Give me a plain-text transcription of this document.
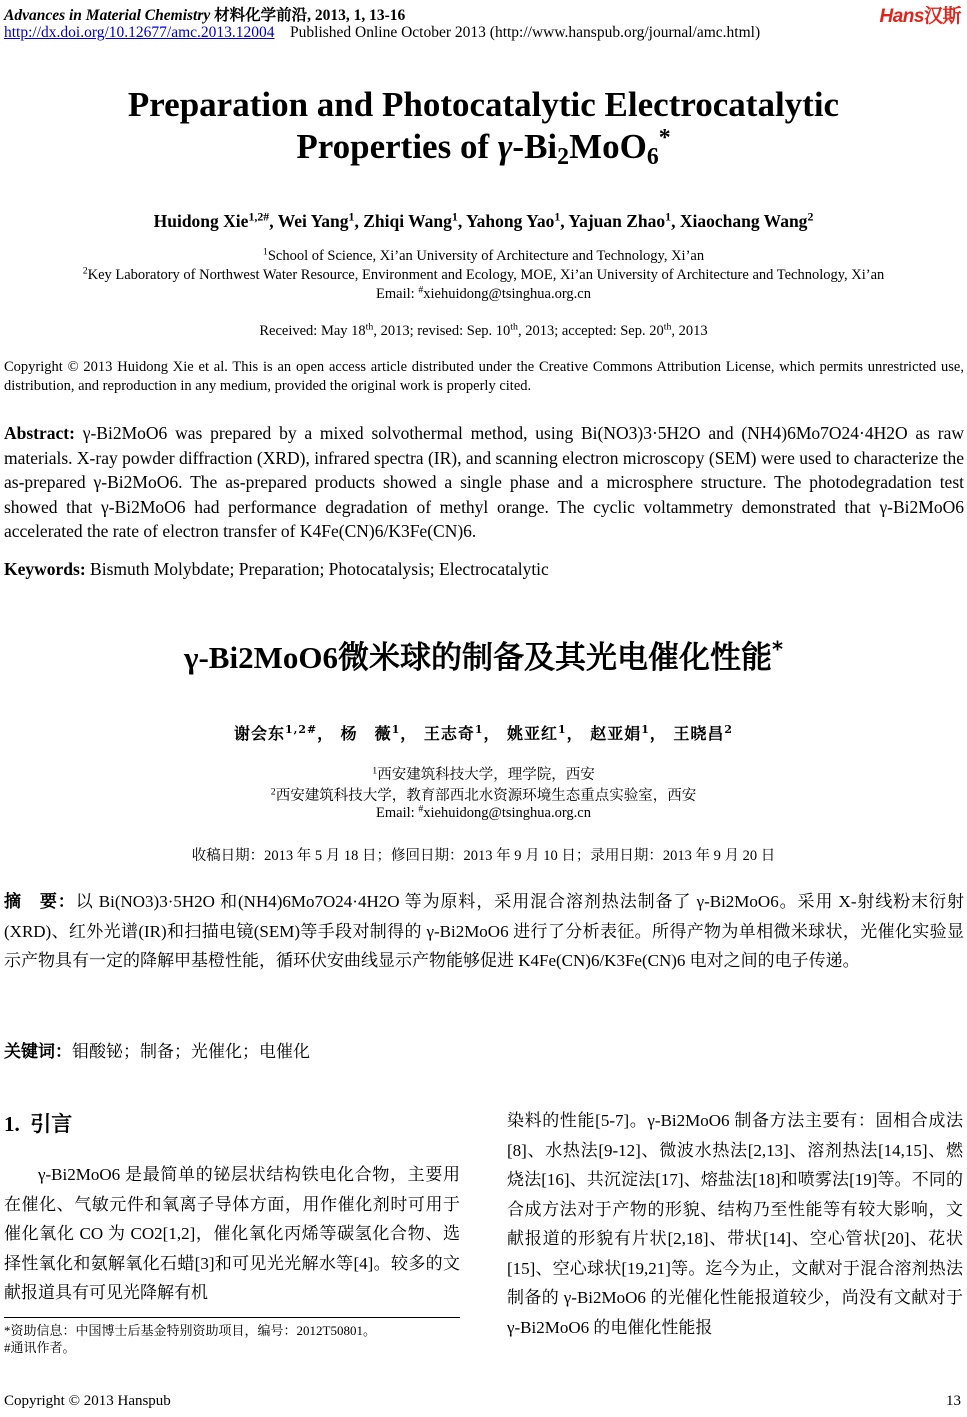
Advances in Material Chemistry 材料化学前沿, 2013, 1, 13-16
http://dx.doi.org/10.12677/amc.2013.12004 Published Online October 2013 (http://www.hanspub.org/journal/amc.html)
Hans汉斯
Preparation and Photocatalytic Electrocatalytic
Properties of $\gamma-Bi_2MoO_6^*$
Huidong Xie$^{1,2\#}$, Wei Yang$^1$, Zhiqi Wang$^1$, Yahong Yao$^1$, Yajuan Zhao$^1$, Xiaochang Wang$^2$
$^1$School of Science, Xi’an University of Architecture and Technology, Xi’an
$^2$Key Laboratory of Northwest Water Resource, Environment and Ecology, MOE, Xi’an University of Architecture and Technology, Xi’an
Email: #xiehuidong@tsinghua.org.cn
Received: May 18th, 2013; revised: Sep. 10th, 2013; accepted: Sep. 20th, 2013
Copyright © 2013 Huidong Xie et al. This is an open access article distributed under the Creative Commons Attribution License, which permits unrestricted use, distribution, and reproduction in any medium, provided the original work is properly cited.
Abstract: γ-Bi2MoO6 was prepared by a mixed solvothermal method, using Bi(NO3)3·5H2O and (NH4)6Mo7O24·4H2O as raw materials. X-ray powder diffraction (XRD), infrared spectra (IR), and scanning electron microscopy (SEM) were used to characterize the as-prepared γ-Bi2MoO6. The as-prepared products showed a single phase and a microsphere structure. The photodegradation test showed that γ-Bi2MoO6 had performance degradation of methyl orange. The cyclic voltammetry demonstrated that γ-Bi2MoO6 accelerated the rate of electron transfer of K4Fe(CN)6/K3Fe(CN)6.
Keywords: Bismuth Molybdate; Preparation; Photocatalysis; Electrocatalytic
γ-Bi2MoO6微米球的制备及其光电催化性能*
谢会东$^{1,2\#}$， 杨　薇$^1$， 王志奇$^1$， 姚亚红$^1$， 赵亚娟$^1$， 王晓昌$^2$
$^1$西安建筑科技大学，理学院，西安
$^2$西安建筑科技大学，教育部西北水资源环境生态重点实验室，西安
Email: #xiehuidong@tsinghua.org.cn
收稿日期：2013 年 5 月 18 日；修回日期：2013 年 9 月 10 日；录用日期：2013 年 9 月 20 日
摘　要：以 Bi(NO3)3·5H2O 和(NH4)6Mo7O24·4H2O 等为原料，采用混合溶剂热法制备了 γ-Bi2MoO6。采用 X-射线粉末衍射(XRD)、红外光谱(IR)和扫描电镜(SEM)等手段对制得的 γ-Bi2MoO6 进行了分析表征。所得产物为单相微米球状，光催化实验显示产物具有一定的降解甲基橙性能，循环伏安曲线显示产物能够促进 K4Fe(CN)6/K3Fe(CN)6 电对之间的电子传递。
关键词：钼酸铋；制备；光催化；电催化
1. 引言

γ-Bi2MoO6 是最简单的铋层状结构铁电化合物，主要用在催化、气敏元件和氧离子导体方面，用作催化剂时可用于催化氧化 CO 为 CO2[1,2]，催化氧化丙烯等碳氢化合物、选择性氧化和氨解氧化石蜡[3]和可见光光解水等[4]。较多的文献报道具有可见光降解有机

染料的性能[5-7]。γ-Bi2MoO6 制备方法主要有：固相合成法[8]、水热法[9-12]、微波水热法[2,13]、溶剂热法[14,15]、燃烧法[16]、共沉淀法[17]、熔盐法[18]和喷雾法[19]等。不同的合成方法对于产物的形貌、结构乃至性能等有较大影响，文献报道的形貌有片状[2,18]、带状[14]、空心管状[20]、花状[15]、空心球状[19,21]等。迄今为止，文献对于混合溶剂热法制备的 γ-Bi2MoO6 的光催化性能报道较少，尚没有文献对于 γ-Bi2MoO6 的电催化性能报

*资助信息：中国博士后基金特别资助项目，编号：2012T50801。
#通讯作者。
Copyright © 2013 Hanspub	13
